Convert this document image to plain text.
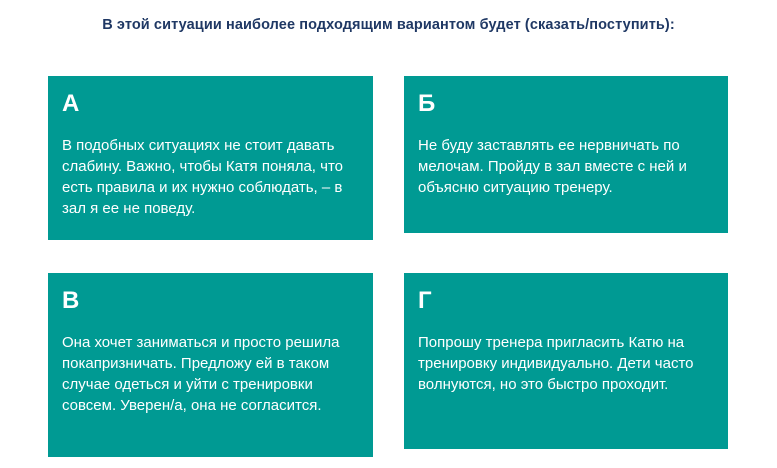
В этой ситуации наиболее подходящим вариантом будет (сказать/поступить):
А
В подобных ситуациях не стоит давать слабину. Важно, чтобы Катя поняла, что есть правила и их нужно соблюдать, – в зал я ее не поведу.
Б
Не буду заставлять ее нервничать по мелочам. Пройду в зал вместе с ней и объясню ситуацию тренеру.
В
Она хочет заниматься и просто решила покапризничать. Предложу ей в таком случае одеться и уйти с тренировки совсем. Уверен/а, она не согласится.
Г
Попрошу тренера пригласить Катю на тренировку индивидуально. Дети часто волнуются, но это быстро проходит.
